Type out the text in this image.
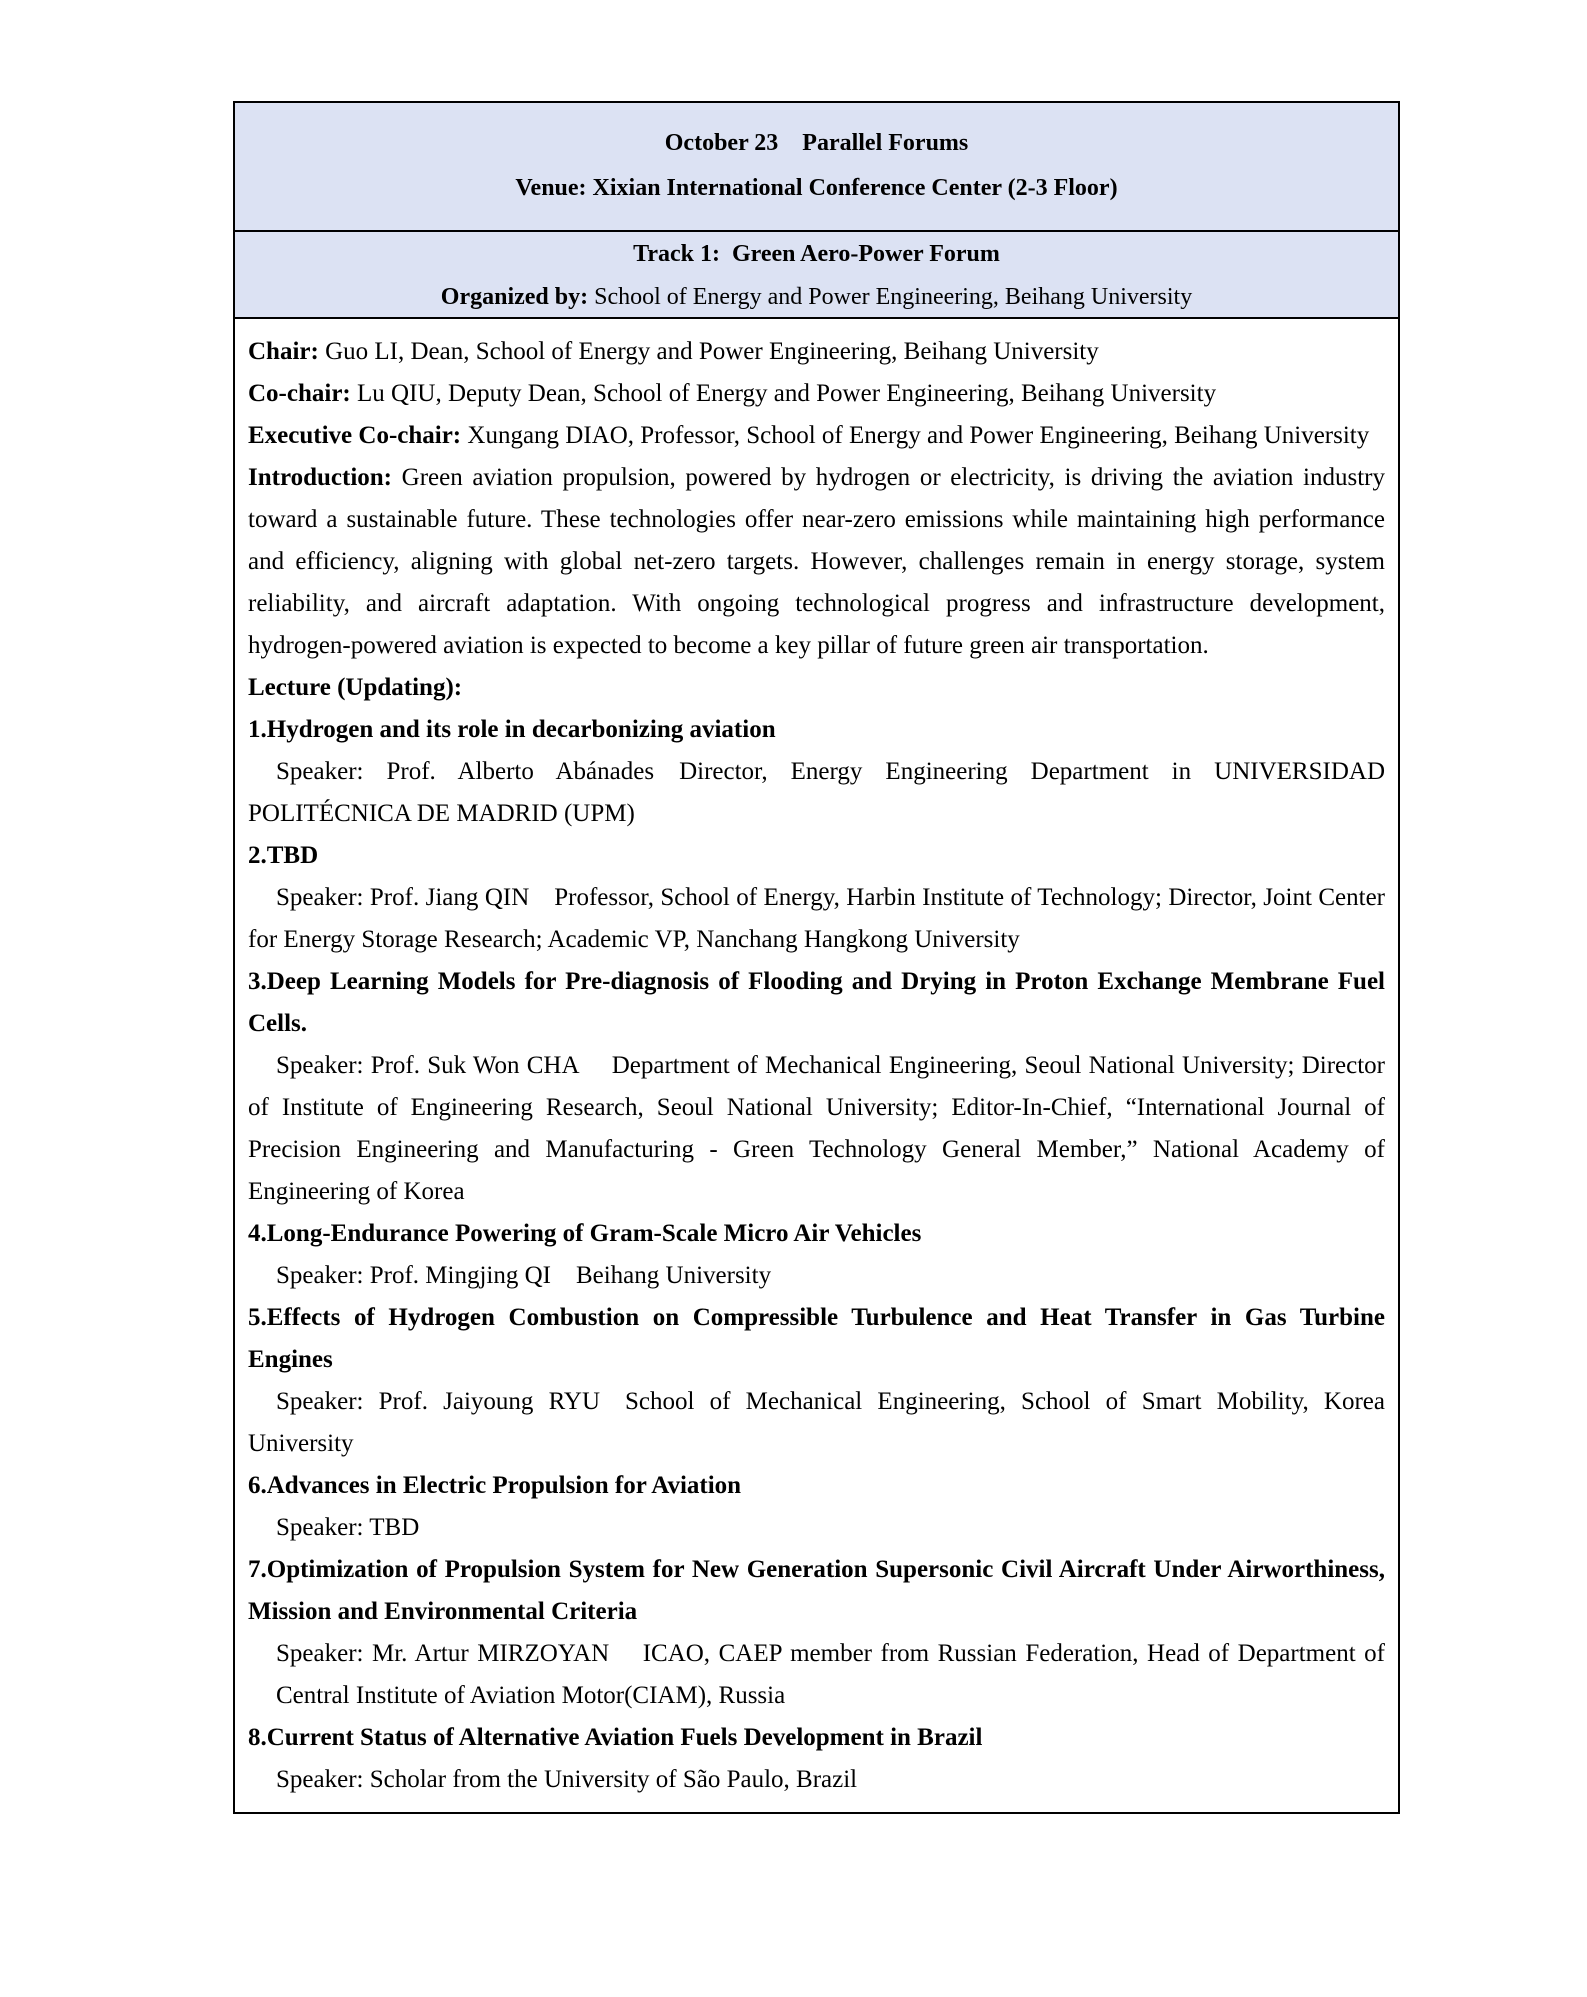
October 23 Parallel Forums
Venue: Xixian International Conference Center (2-3 Floor)
Track 1: Green Aero-Power Forum
Organized by: School of Energy and Power Engineering, Beihang University

Chair: Guo LI, Dean, School of Energy and Power Engineering, Beihang University

Co-chair: Lu QIU, Deputy Dean, School of Energy and Power Engineering, Beihang University

Executive Co-chair: Xungang DIAO, Professor, School of Energy and Power Engineering, Beihang University

Introduction: Green aviation propulsion, powered by hydrogen or electricity, is driving the aviation industry toward a sustainable future. These technologies offer near-zero emissions while maintaining high performance and efficiency, aligning with global net-zero targets. However, challenges remain in energy storage, system reliability, and aircraft adaptation. With ongoing technological progress and infrastructure development, hydrogen-powered aviation is expected to become a key pillar of future green air transportation.

Lecture (Updating):

1.Hydrogen and its role in decarbonizing aviation

Speaker: Prof. Alberto Abánades Director, Energy Engineering Department in UNIVERSIDAD POLITÉCNICA DE MADRID (UPM)

2.TBD

Speaker: Prof. Jiang QIN Professor, School of Energy, Harbin Institute of Technology; Director, Joint Center for Energy Storage Research; Academic VP, Nanchang Hangkong University

3.Deep Learning Models for Pre-diagnosis of Flooding and Drying in Proton Exchange Membrane Fuel Cells.

Speaker: Prof. Suk Won CHA  Department of Mechanical Engineering, Seoul National University; Director of Institute of Engineering Research, Seoul National University; Editor-In-Chief, “International Journal of Precision Engineering and Manufacturing - Green Technology General Member,” National Academy of Engineering of Korea

4.Long-Endurance Powering of Gram-Scale Micro Air Vehicles

Speaker: Prof. Mingjing QI Beihang University

5.Effects of Hydrogen Combustion on Compressible Turbulence and Heat Transfer in Gas Turbine Engines

Speaker: Prof. Jaiyoung RYU School of Mechanical Engineering, School of Smart Mobility, Korea University

6.Advances in Electric Propulsion for Aviation

Speaker: TBD

7.Optimization of Propulsion System for New Generation Supersonic Civil Aircraft Under Airworthiness, Mission and Environmental Criteria

Speaker: Mr. Artur MIRZOYAN  ICAO, CAEP member from Russian Federation, Head of Department of Central Institute of Aviation Motor(CIAM), Russia

8.Current Status of Alternative Aviation Fuels Development in Brazil

Speaker: Scholar from the University of São Paulo, Brazil
